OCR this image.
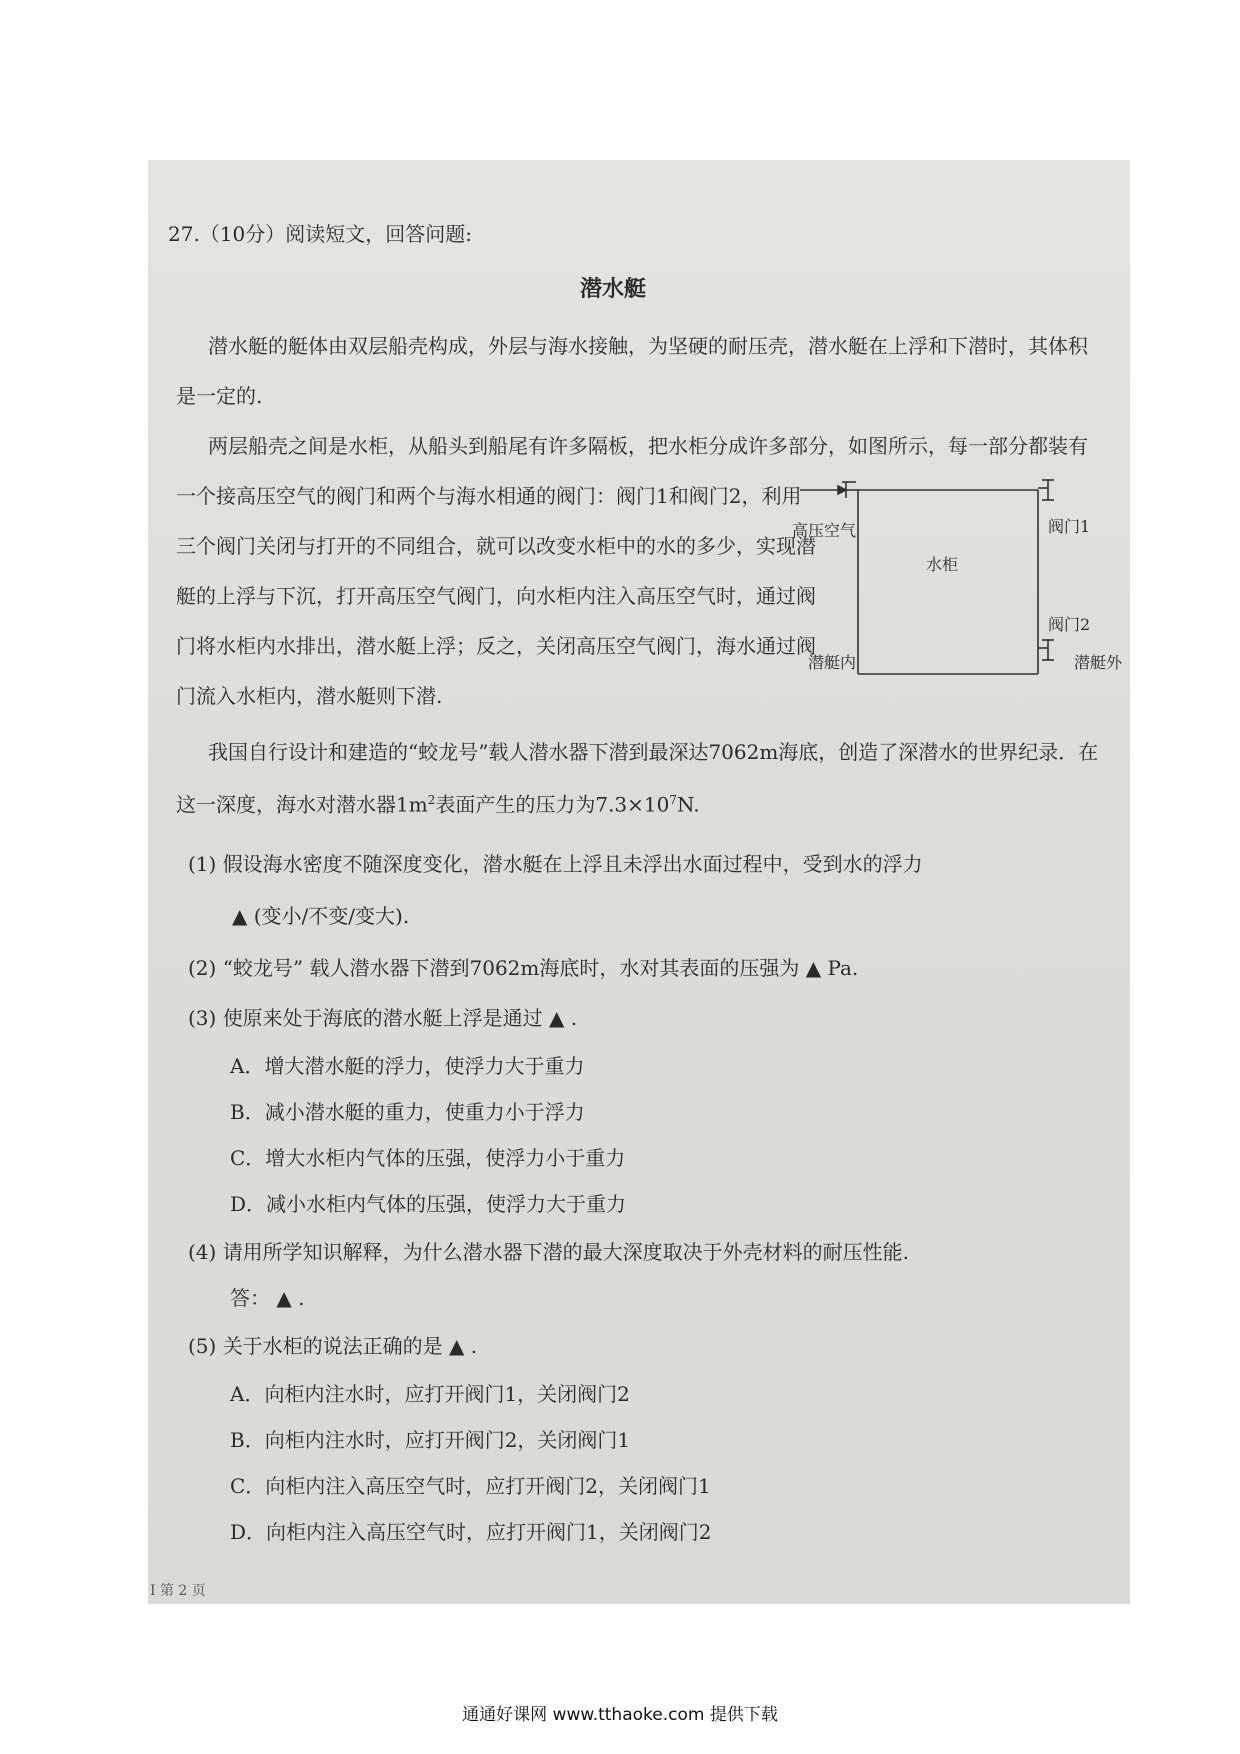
27.（10分）阅读短文，回答问题:
潜水艇
潜水艇的艇体由双层船壳构成，外层与海水接触，为坚硬的耐压壳，潜水艇在上浮和下潜时，其体积
是一定的.
两层船壳之间是水柜，从船头到船尾有许多隔板，把水柜分成许多部分，如图所示，每一部分都装有
一个接高压空气的阀门和两个与海水相通的阀门：阀门1和阀门2，利用
三个阀门关闭与打开的不同组合，就可以改变水柜中的水的多少，实现潜
艇的上浮与下沉，打开高压空气阀门，向水柜内注入高压空气时，通过阀
门将水柜内水排出，潜水艇上浮；反之，关闭高压空气阀门，海水通过阀
门流入水柜内，潜水艇则下潜.
我国自行设计和建造的“蛟龙号”载人潜水器下潜到最深达7062m海底，创造了深潜水的世界纪录．在
这一深度，海水对潜水器$1m^2$表面产生的压力为$7.3\times 10^7N$.
高压空气
水柜
阀门1
阀门2
潜艇内	潜艇外
(1) 假设海水密度不随深度变化，潜水艇在上浮且未浮出水面过程中，受到水的浮力
▲ (变小/不变/变大).
(2) “蛟龙号” 载人潜水器下潜到7062m海底时，水对其表面的压强为 ▲ Pa.
(3) 使原来处于海底的潜水艇上浮是通过 ▲ .
A．增大潜水艇的浮力，使浮力大于重力
B．减小潜水艇的重力，使重力小于浮力
C．增大水柜内气体的压强，使浮力小于重力
D．减小水柜内气体的压强，使浮力大于重力
(4) 请用所学知识解释，为什么潜水器下潜的最大深度取决于外壳材料的耐压性能.
答： ▲ .
(5) 关于水柜的说法正确的是 ▲ .
A．向柜内注水时，应打开阀门1，关闭阀门2
B．向柜内注水时，应打开阀门2，关闭阀门1
C．向柜内注入高压空气时，应打开阀门2，关闭阀门1
D．向柜内注入高压空气时，应打开阀门1，关闭阀门2
I 第 2 页
通通好课网 www.tthaoke.com 提供下载
